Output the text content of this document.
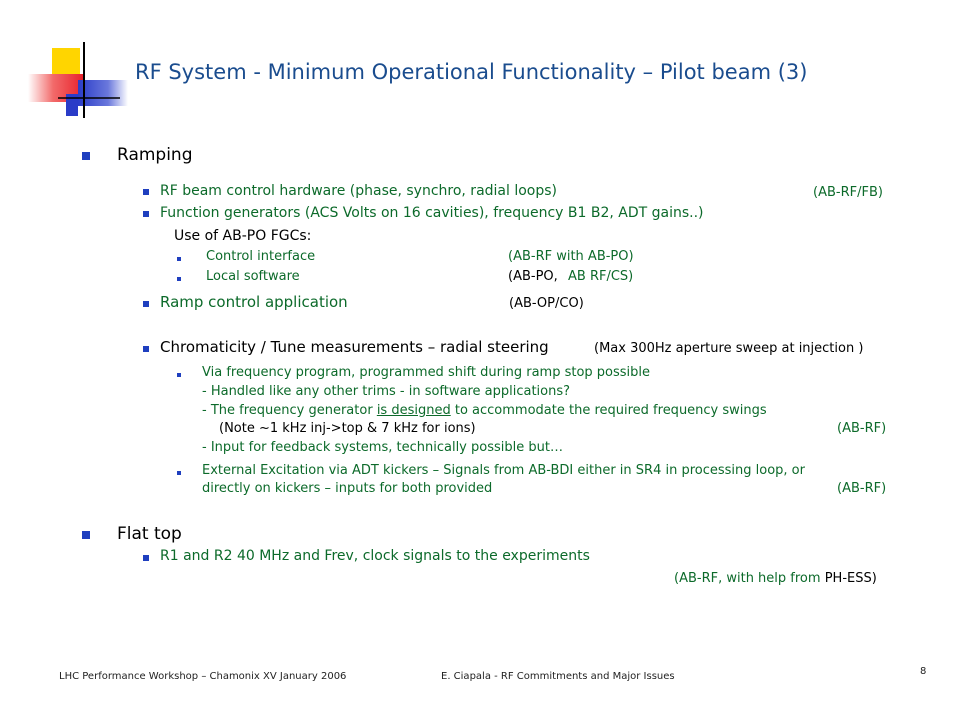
RF System - Minimum Operational Functionality – Pilot beam (3)
Ramping
RF beam control hardware (phase, synchro, radial loops)	(AB-RF/FB)
Function generators (ACS Volts on 16 cavities), frequency B1 B2, ADT gains..)
Use of AB-PO FGCs:
Control interface	(AB-RF with AB-PO)
Local software	(AB-PO, AB RF/CS)
Ramp control application	(AB-OP/CO)
Chromaticity / Tune measurements – radial steering	(Max 300Hz aperture sweep at injection )
Via frequency program, programmed shift during ramp stop possible
- Handled like any other trims - in software applications?
- The frequency generator is designed to accommodate the required frequency swings
(Note ~1 kHz inj->top & 7 kHz for ions)	(AB-RF)
- Input for feedback systems, technically possible but…
External Excitation via ADT kickers – Signals from AB-BDI either in SR4 in processing loop, or
directly on kickers – inputs for both provided	(AB-RF)
Flat top
R1 and R2 40 MHz and Frev, clock signals to the experiments
(AB-RF, with help from PH-ESS)
LHC Performance Workshop – Chamonix XV January 2006	E. Ciapala - RF Commitments and Major Issues	8
